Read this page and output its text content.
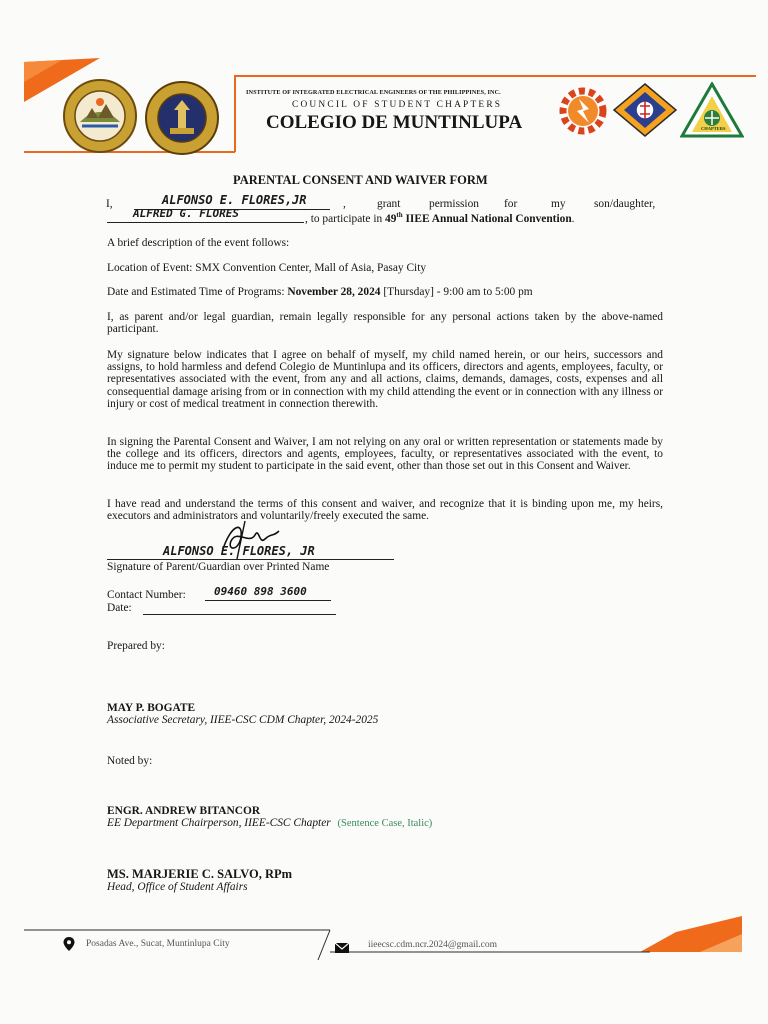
INSTITUTE OF INTEGRATED ELECTRICAL ENGINEERS OF THE PHILIPPINES, INC.
COUNCIL OF STUDENT CHAPTERS
COLEGIO DE MUNTINLUPA	CHAPTERS
PARENTAL CONSENT AND WAIVER FORM
I,	ALFONSO E. FLORES,JR	,	grant	permission for	my son/daughter,
ALFRED G. FLORES	, to participate in 49th IIEE Annual National Convention.
A brief description of the event follows:
Location of Event: SMX Convention Center, Mall of Asia, Pasay City
Date and Estimated Time of Programs: November 28, 2024 [Thursday] - 9:00 am to 5:00 pm
I, as parent and/or legal guardian, remain legally responsible for any personal actions taken by the above-named participant.
My signature below indicates that I agree on behalf of myself, my child named herein, or our heirs, successors and assigns, to hold harmless and defend Colegio de Muntinlupa and its officers, directors and agents, employees, faculty, or representatives associated with the event, from any and all actions, claims, demands, damages, costs, expenses and all consequential damage arising from or in connection with my child attending the event or in connection with any illness or injury or cost of medical treatment in connection therewith.
In signing the Parental Consent and Waiver, I am not relying on any oral or written representation or statements made by the college and its officers, directors and agents, employees, faculty, or representatives associated with the event, to induce me to permit my student to participate in the said event, other than those set out in this Consent and Waiver.
I have read and understand the terms of this consent and waiver, and recognize that it is binding upon me, my heirs, executors and administrators and voluntarily/freely executed the same.
ALFONSO E. FLORES, JR
Signature of Parent/Guardian over Printed Name
Contact Number:	09460 898 3600
Date:
Prepared by:
MAY P. BOGATE
Associative Secretary, IIEE-CSC CDM Chapter, 2024-2025
Noted by:
ENGR. ANDREW BITANCOR
EE Department Chairperson, IIEE-CSC Chapter (Sentence Case, Italic)
MS. MARJERIE C. SALVO, RPm
Head, Office of Student Affairs
Posadas Ave., Sucat, Muntinlupa City	iieecsc.cdm.ncr.2024@gmail.com
